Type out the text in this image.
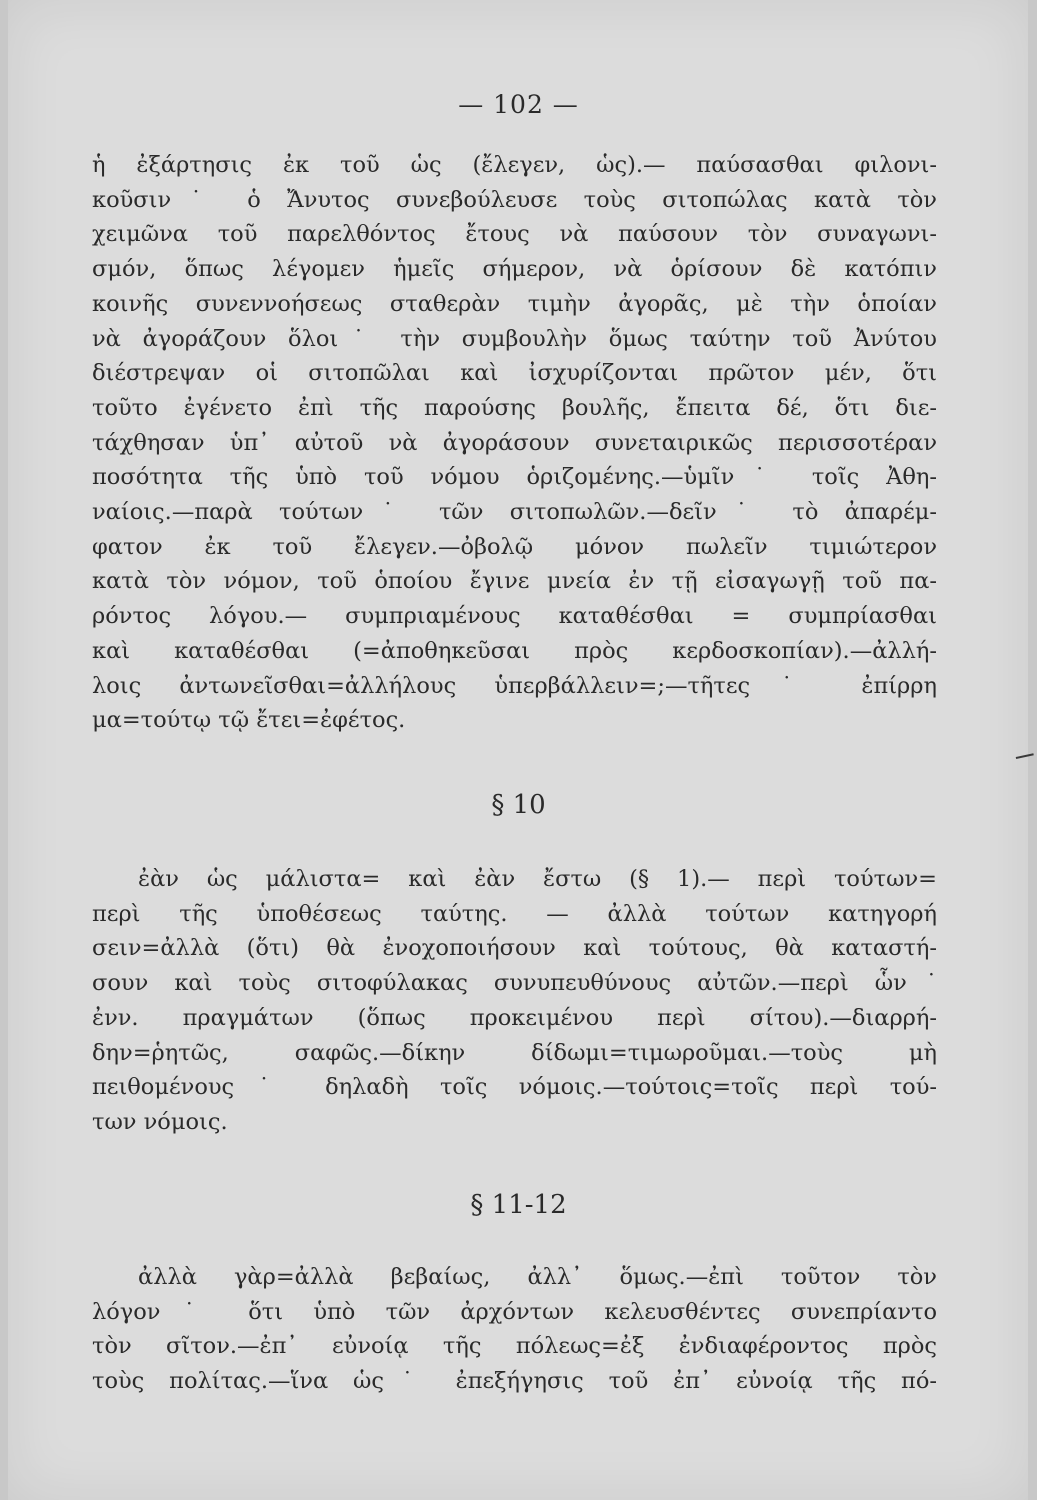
— 102 —
ἡ ἐξάρτησις ἐκ τοῦ ὡς (ἔλεγεν, ὡς).— παύσασθαι φιλονι-
κοῦσιν˙ ὁ Ἄνυτος συνεβούλευσε τοὺς σιτοπώλας κατὰ τὸν
χειμῶνα τοῦ παρελθόντος ἔτους νὰ παύσουν τὸν συναγωνι-
σμόν, ὅπως λέγομεν ἡμεῖς σήμερον, νὰ ὁρίσουν δὲ κατόπιν
κοινῆς συνεννοήσεως σταθερὰν τιμὴν ἀγορᾶς, μὲ τὴν ὁποίαν
νὰ ἀγοράζουν ὅλοι˙ τὴν συμβουλὴν ὅμως ταύτην τοῦ Ἀνύτου
διέστρεψαν οἱ σιτοπῶλαι καὶ ἰσχυρίζονται πρῶτον μέν, ὅτι
τοῦτο ἐγένετο ἐπὶ τῆς παρούσης βουλῆς, ἔπειτα δέ, ὅτι διε-
τάχθησαν ὑπ᾽ αὐτοῦ νὰ ἀγοράσουν συνεταιρικῶς περισσοτέραν
ποσότητα τῆς ὑπὸ τοῦ νόμου ὁριζομένης.—ὑμῖν˙ τοῖς Ἀθη-
ναίοις.—παρὰ τούτων˙ τῶν σιτοπωλῶν.—δεῖν˙ τὸ ἀπαρέμ-
φατον ἐκ τοῦ ἔλεγεν.—ὀβολῷ μόνον πωλεῖν τιμιώτερον
κατὰ τὸν νόμον, τοῦ ὁποίου ἔγινε μνεία ἐν τῇ εἰσαγωγῇ τοῦ πα-
ρόντος λόγου.— συμπριαμένους καταθέσθαι = συμπρίασθαι
καὶ καταθέσθαι (=ἀποθηκεῦσαι πρὸς κερδοσκοπίαν).—ἀλλή-
λοις ἀντωνεῖσθαι=ἀλλήλους ὑπερβάλλειν=;—τῆτες˙ ἐπίρρη
μα=τούτῳ τῷ ἔτει=ἐφέτος.
§ 10
ἐὰν ὡς μάλιστα= καὶ ἐὰν ἔστω (§ 1).— περὶ τούτων=
περὶ τῆς ὑποθέσεως ταύτης. — ἀλλὰ τούτων κατηγορή
σειν=ἀλλὰ (ὅτι) θὰ ἐνοχοποιήσουν καὶ τούτους, θὰ καταστή-
σουν καὶ τοὺς σιτοφύλακας συνυπευθύνους αὐτῶν.—περὶ ὧν˙
ἐνν. πραγμάτων (ὅπως προκειμένου περὶ σίτου).—διαρρή-
δην=ῥητῶς, σαφῶς.—δίκην δίδωμι=τιμωροῦμαι.—τοὺς μὴ
πειθομένους˙ δηλαδὴ τοῖς νόμοις.—τούτοις=τοῖς περὶ τού-
των νόμοις.
§ 11-12
ἀλλὰ γὰρ=ἀλλὰ βεβαίως, ἀλλ᾽ ὅμως.—ἐπὶ τοῦτον τὸν
λόγον˙ ὅτι ὑπὸ τῶν ἀρχόντων κελευσθέντες συνεπρίαντο
τὸν σῖτον.—ἐπ᾽ εὐνοίᾳ τῆς πόλεως=ἐξ ἐνδιαφέροντος πρὸς
τοὺς πολίτας.—ἵνα ὡς˙ ἐπεξήγησις τοῦ ἐπ᾽ εὐνοίᾳ τῆς πό-
